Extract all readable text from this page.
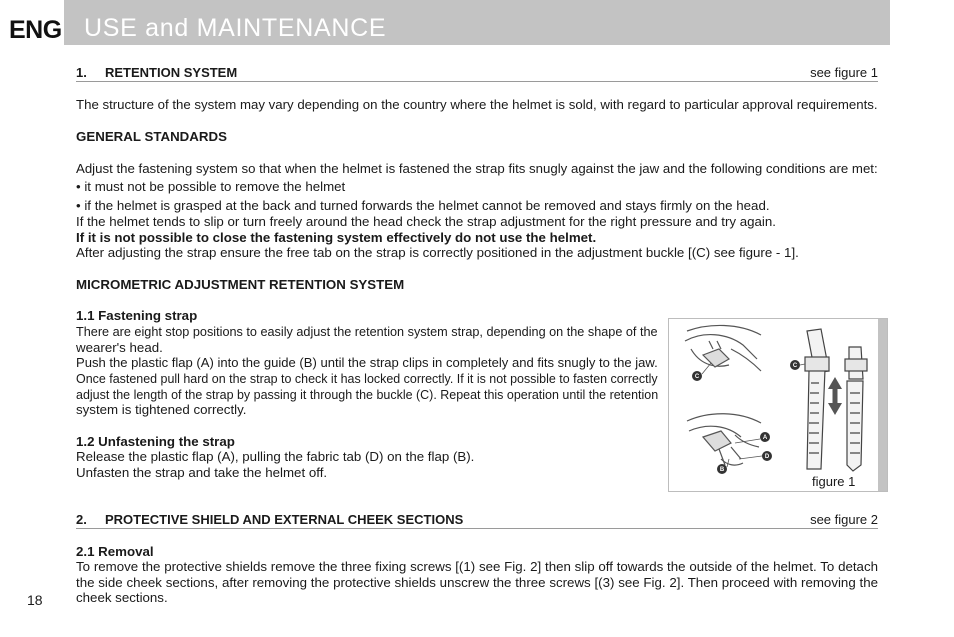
ENG USE and MAINTENANCE
1. RETENTION SYSTEM	see figure 1
The structure of the system may vary depending on the country where the helmet is sold, with regard to particular approval requirements.
GENERAL STANDARDS
Adjust the fastening system so that when the helmet is fastened the strap fits snugly against the jaw and the following conditions are met:
• it must not be possible to remove the helmet
• if the helmet is grasped at the back and turned forwards the helmet cannot be removed and stays firmly on the head.
If the helmet tends to slip or turn freely around the head check the strap adjustment for the right pressure and try again.
If it is not possible to close the fastening system effectively do not use the helmet.
After adjusting the strap ensure the free tab on the strap is correctly positioned in the adjustment buckle [(C) see figure - 1].
MICROMETRIC ADJUSTMENT RETENTION SYSTEM
1.1 Fastening strap
There are eight stop positions to easily adjust the retention system strap, depending on the shape of the
wearer's head.
Push the plastic flap (A) into the guide (B) until the strap clips in completely and fits snugly to the jaw.
Once fastened pull hard on the strap to check it has locked correctly. If it is not possible to fasten correctly
adjust the length of the strap by passing it through the buckle (C). Repeat this operation until the retention
system is tightened correctly.
1.2 Unfastening the strap
Release the plastic flap (A), pulling the fabric tab (D) on the flap (B).
Unfasten the strap and take the helmet off.
2. PROTECTIVE SHIELD AND EXTERNAL CHEEK SECTIONS	see figure 2
2.1 Removal
To remove the protective shields remove the three fixing screws [(1) see Fig. 2] then slip off towards the outside of the helmet. To detach the side cheek sections, after removing the protective shields unscrew the three screws [(3) see Fig. 2]. Then proceed with removing the cheek sections.
C
C
A
D
B
figure 1
18
